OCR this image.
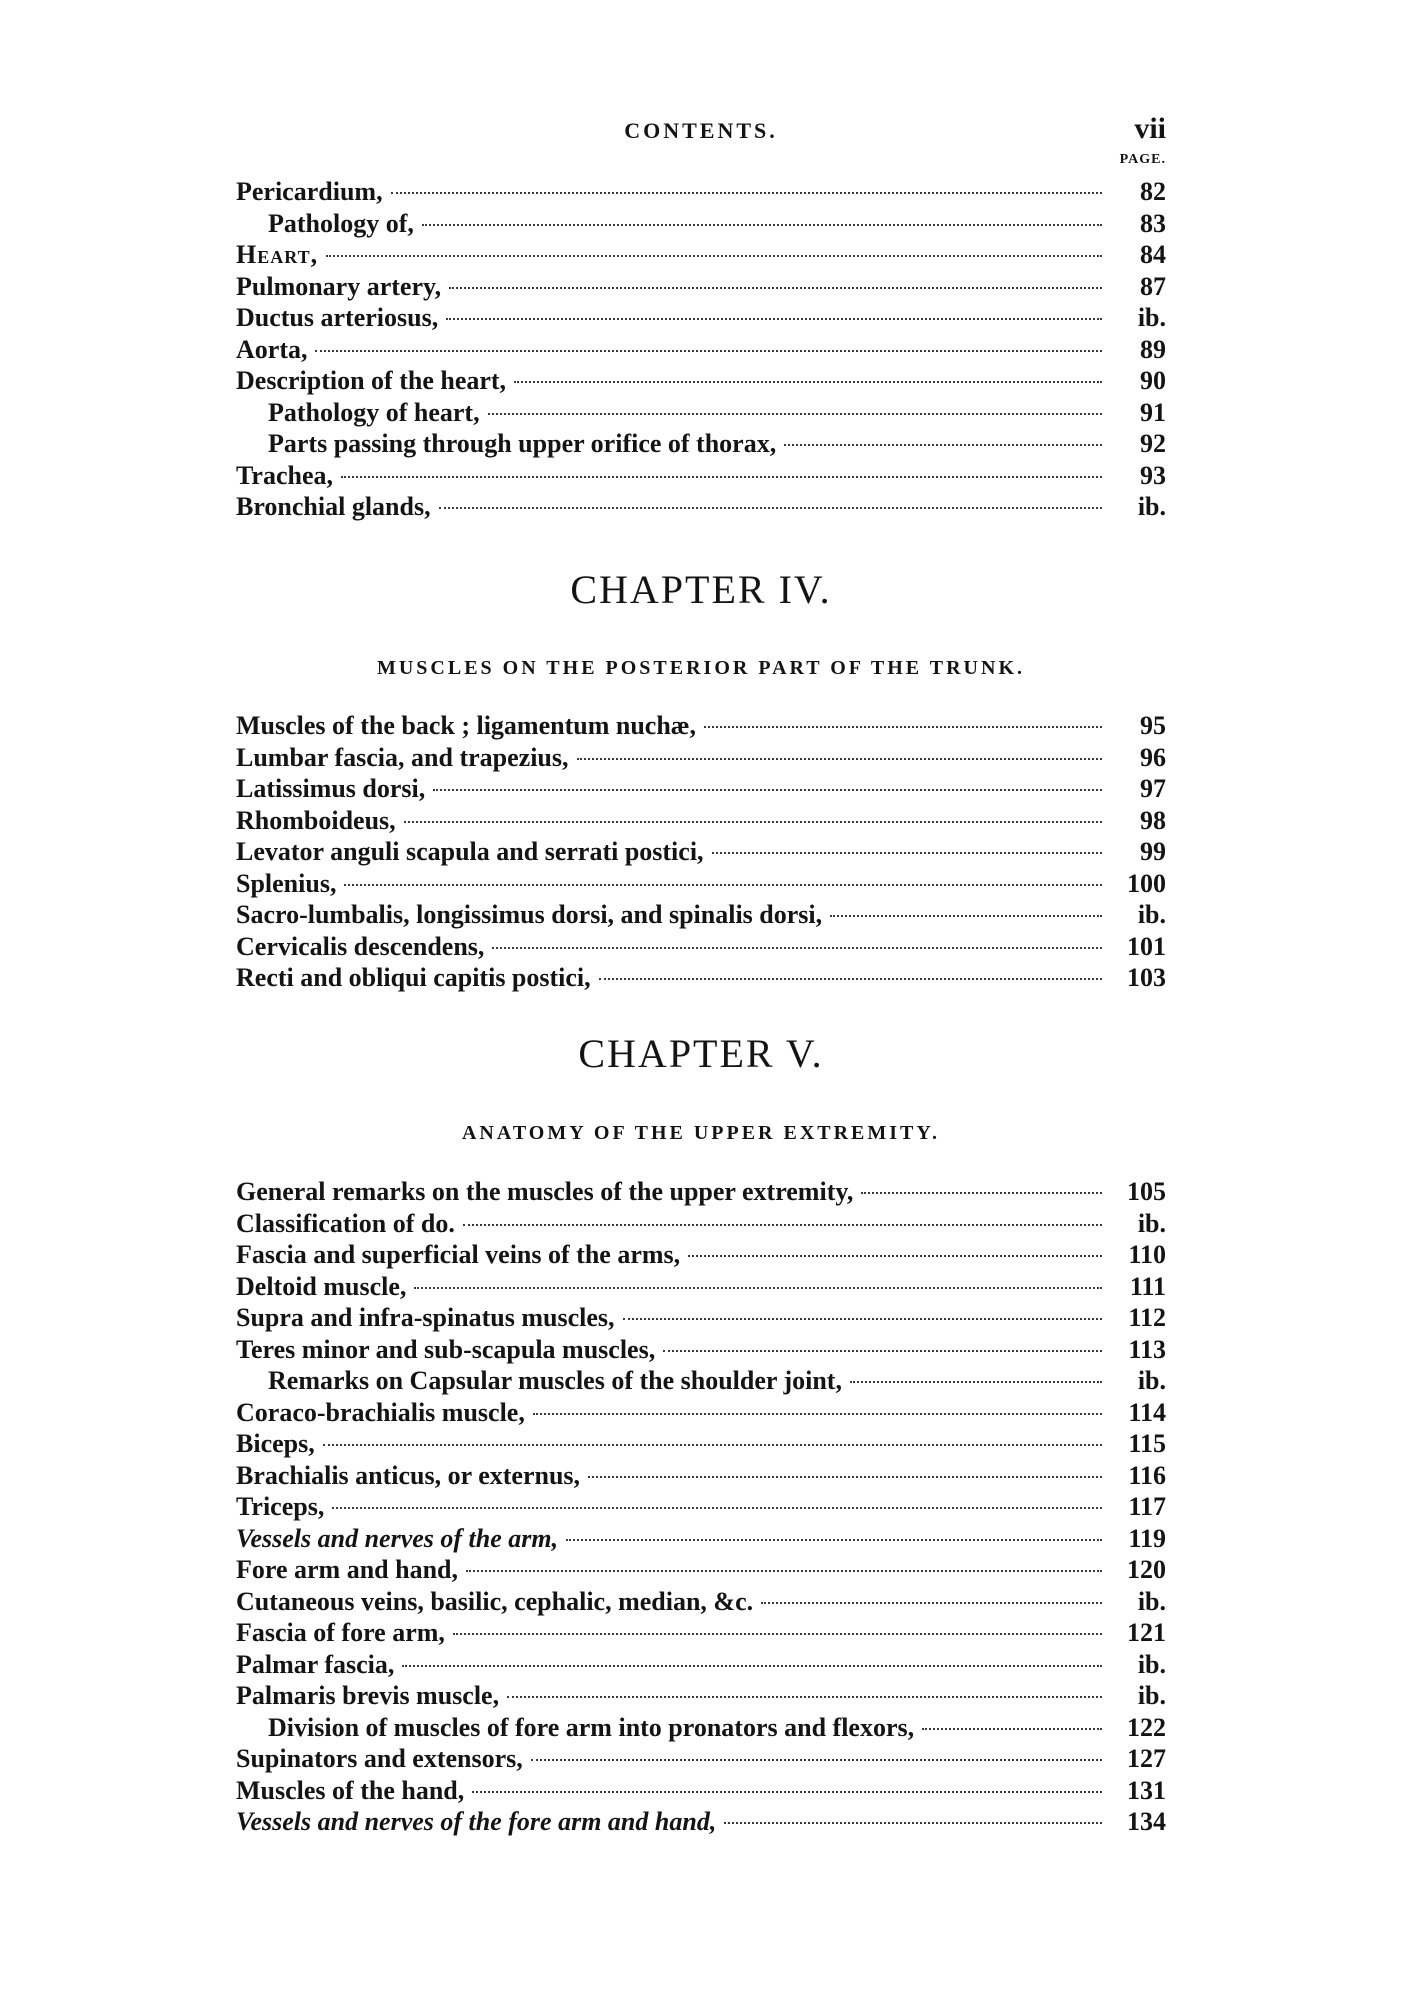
CONTENTS.	vii
PAGE.
Pericardium,	82
Pathology of,	83
Heart,	84
Pulmonary artery,	87
Ductus arteriosus,	ib.
Aorta,	89
Description of the heart,	90
Pathology of heart,	91
Parts passing through upper orifice of thorax,	92
Trachea,	93
Bronchial glands,	ib.
CHAPTER IV.
MUSCLES ON THE POSTERIOR PART OF THE TRUNK.
Muscles of the back ; ligamentum nuchæ,	95
Lumbar fascia, and trapezius,	96
Latissimus dorsi,	97
Rhomboideus,	98
Levator anguli scapula and serrati postici,	99
Splenius,	100
Sacro-lumbalis, longissimus dorsi, and spinalis dorsi,	ib.
Cervicalis descendens,	101
Recti and obliqui capitis postici,	103
CHAPTER V.
ANATOMY OF THE UPPER EXTREMITY.
General remarks on the muscles of the upper extremity,	105
Classification of do.	ib.
Fascia and superficial veins of the arms,	110
Deltoid muscle,	111
Supra and infra-spinatus muscles,	112
Teres minor and sub-scapula muscles,	113
Remarks on Capsular muscles of the shoulder joint,	ib.
Coraco-brachialis muscle,	114
Biceps,	115
Brachialis anticus, or externus,	116
Triceps,	117
Vessels and nerves of the arm,	119
Fore arm and hand,	120
Cutaneous veins, basilic, cephalic, median, &c.	ib.
Fascia of fore arm,	121
Palmar fascia,	ib.
Palmaris brevis muscle,	ib.
Division of muscles of fore arm into pronators and flexors,	122
Supinators and extensors,	127
Muscles of the hand,	131
Vessels and nerves of the fore arm and hand,	134
